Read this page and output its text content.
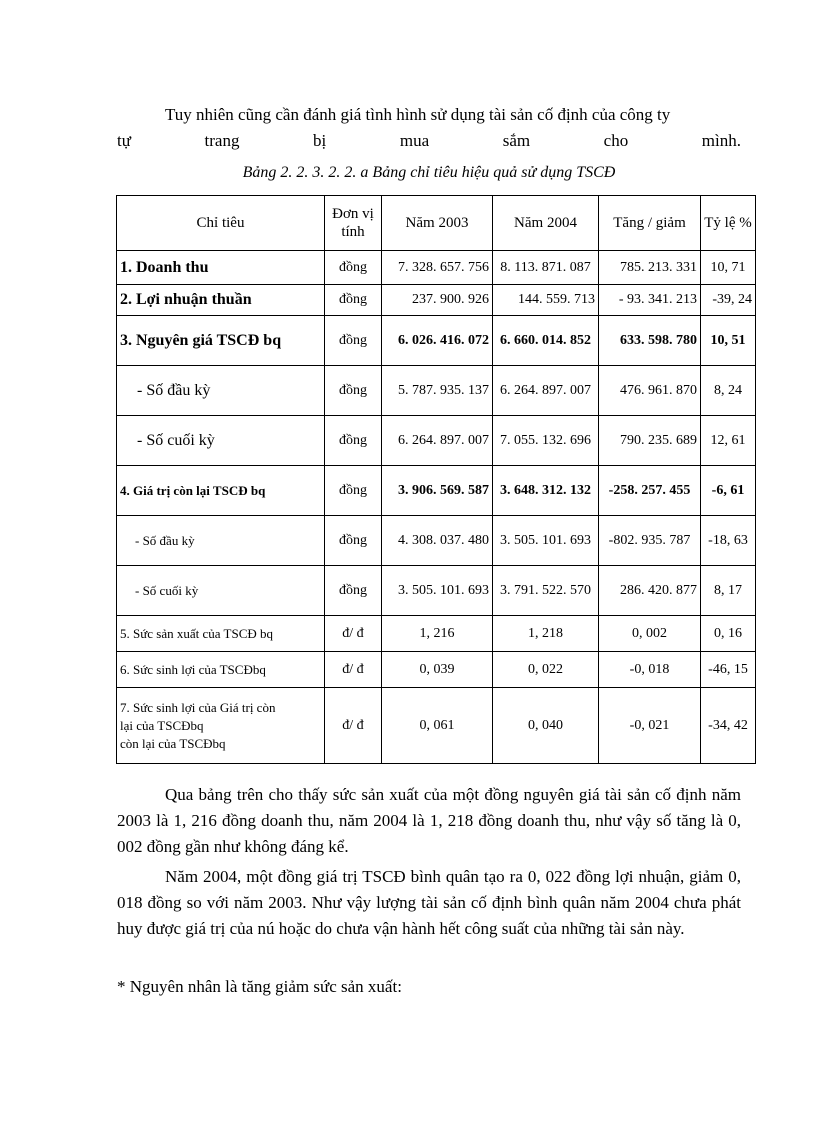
Tuy nhiên cũng cần đánh giá tình hình sử dụng tài sản cố định của công ty

tự	trang	bị	mua	sắm	cho	mình.
Bảng 2. 2. 3. 2. 2. a Bảng chỉ tiêu hiệu quả sử dụng TSCĐ
Chỉ tiêu	Đơn vị tính	Năm 2003	Năm 2004	Tăng / giảm	Tỷ lệ %
1. Doanh thu	đồng	7. 328. 657. 756	8. 113. 871. 087	785. 213. 331	10, 71
2. Lợi nhuận thuần	đồng	237. 900. 926	144. 559. 713	- 93. 341. 213	-39, 24
3. Nguyên giá TSCĐ bq	đồng	6. 026. 416. 072	6. 660. 014. 852	633. 598. 780	10, 51
- Số đầu kỳ	đồng	5. 787. 935. 137	6. 264. 897. 007	476. 961. 870	8, 24
- Số cuối kỳ	đồng	6. 264. 897. 007	7. 055. 132. 696	790. 235. 689	12, 61
4. Giá trị còn lại TSCĐ bq	đồng	3. 906. 569. 587	3. 648. 312. 132	-258. 257. 455	-6, 61
- Số đầu kỳ	đồng	4. 308. 037. 480	3. 505. 101. 693	-802. 935. 787	-18, 63
- Số cuối kỳ	đồng	3. 505. 101. 693	3. 791. 522. 570	286. 420. 877	8, 17
5. Sức sản xuất của TSCĐ bq	đ/ đ	1, 216	1, 218	0, 002	0, 16
6. Sức sinh lợi của TSCĐbq	đ/ đ	0, 039	0, 022	-0, 018	-46, 15

7. Sức sinh lợi của Giá trị còn
lại của TSCĐbq
còn lại của TSCĐbq	đ/ đ	0, 061	0, 040	-0, 021	-34, 42

Qua bảng trên cho thấy sức sản xuất của một đồng nguyên giá tài sản cố định năm 2003 là 1, 216 đồng doanh thu, năm 2004 là 1, 218 đồng doanh thu, như vậy số tăng là 0, 002 đồng gần như không đáng kể.

Năm 2004, một đồng giá trị TSCĐ bình quân tạo ra 0, 022 đồng lợi nhuận, giảm 0, 018 đồng so với năm 2003. Như vậy lượng tài sản cố định bình quân năm 2004 chưa phát huy được giá trị của nú hoặc do chưa vận hành hết công suất của những tài sản này.

* Nguyên nhân là tăng giảm sức sản xuất:
